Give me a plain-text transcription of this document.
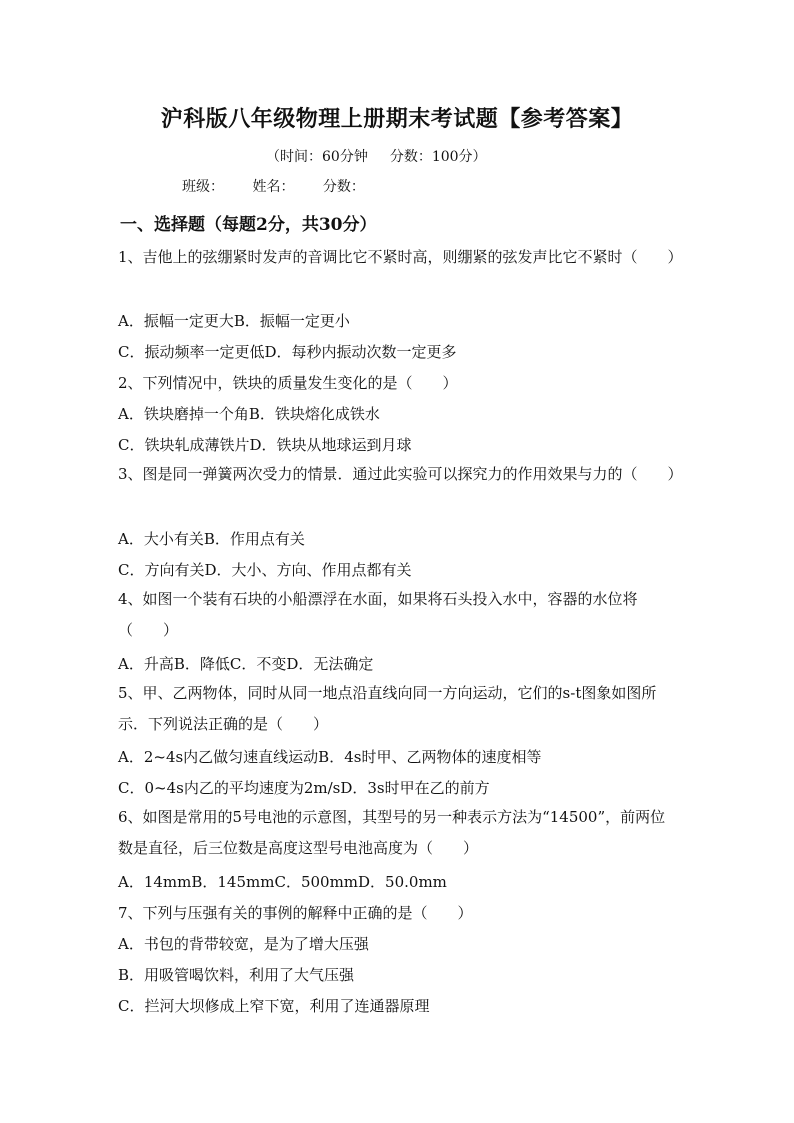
沪科版八年级物理上册期末考试题【参考答案】
（时间：60分钟 分数：100分）
班级： 姓名： 分数：
一、选择题（每题2分，共30分）
1、吉他上的弦绷紧时发声的音调比它不紧时高，则绷紧的弦发声比它不紧时（　　）
A．振幅一定更大B．振幅一定更小
C．振动频率一定更低D．每秒内振动次数一定更多
2、下列情况中，铁块的质量发生变化的是（　　）
A．铁块磨掉一个角B．铁块熔化成铁水
C．铁块轧成薄铁片D．铁块从地球运到月球
3、图是同一弹簧两次受力的情景．通过此实验可以探究力的作用效果与力的（　　）
A．大小有关B．作用点有关
C．方向有关D．大小、方向、作用点都有关
4、如图一个装有石块的小船漂浮在水面，如果将石头投入水中，容器的水位将（　　）
A．升高B．降低C．不变D．无法确定
5、甲、乙两物体，同时从同一地点沿直线向同一方向运动，它们的s-t图象如图所示．下列说法正确的是（　　）
A．2~4s内乙做匀速直线运动B．4s时甲、乙两物体的速度相等
C．0~4s内乙的平均速度为2m/sD．3s时甲在乙的前方
6、如图是常用的5号电池的示意图，其型号的另一种表示方法为“14500”，前两位数是直径，后三位数是高度这型号电池高度为（　　）
A．14mmB．145mmC．500mmD．50.0mm
7、下列与压强有关的事例的解释中正确的是（　　）
A．书包的背带较宽，是为了增大压强
B．用吸管喝饮料，利用了大气压强
C．拦河大坝修成上窄下宽，利用了连通器原理
